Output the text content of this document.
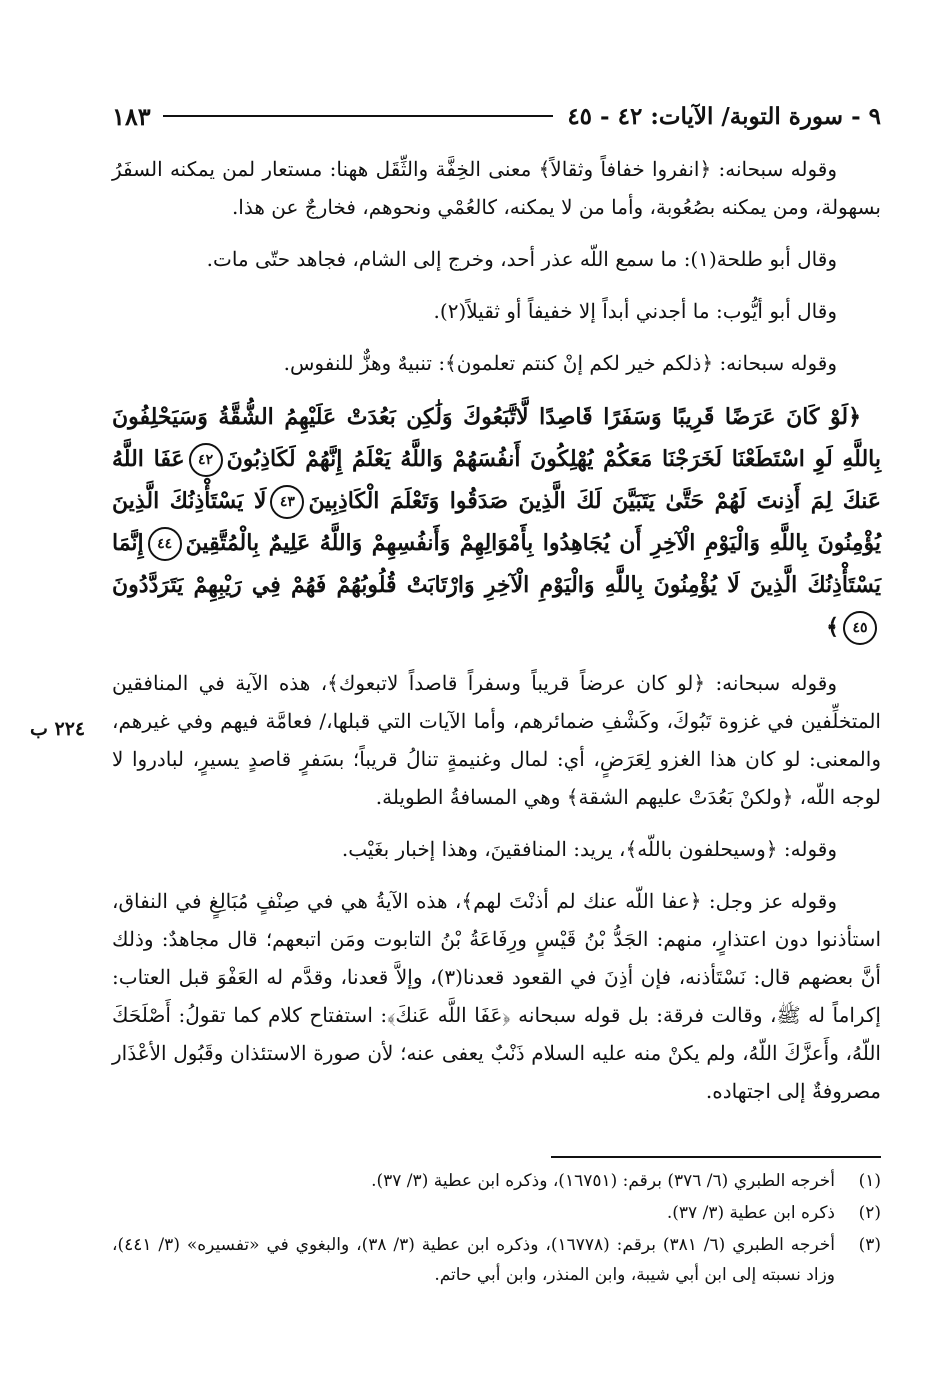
٩ - سورة التوبة/ الآيات: ٤٢ - ٤٥
١٨٣

وقوله سبحانه: ﴿انفروا خفافاً وثقالاً﴾ معنى الخِفَّة والثِّقَل ههنا: مستعار لمن يمكنه السفَرُ بسهولة، ومن يمكنه بصُعُوبة، وأما من لا يمكنه، كالعُمْي ونحوهم، فخارجٌ عن هذا.

وقال أبو طلحة(١): ما سمع اللّه عذر أحد، وخرج إلى الشام، فجاهد حتّى مات.

وقال أبو أيُّوب: ما أجدني أبداً إلا خفيفاً أو ثقيلاً(٢).

وقوله سبحانه: ﴿ذلكم خير لكم إنْ كنتم تعلمون﴾: تنبيهٌ وهزٌّ للنفوس.

﴿لَوْ كَانَ عَرَضًا قَرِيبًا وَسَفَرًا قَاصِدًا لَّاتَّبَعُوكَ وَلَٰكِن بَعُدَتْ عَلَيْهِمُ الشُّقَّةُ وَسَيَحْلِفُونَ بِاللَّهِ لَوِ اسْتَطَعْنَا لَخَرَجْنَا مَعَكُمْ يُهْلِكُونَ أَنفُسَهُمْ وَاللَّهُ يَعْلَمُ إِنَّهُمْ لَكَاذِبُونَ٤٢عَفَا اللَّهُ عَنكَ لِمَ أَذِنتَ لَهُمْ حَتَّىٰ يَتَبَيَّنَ لَكَ الَّذِينَ صَدَقُوا وَتَعْلَمَ الْكَاذِبِينَ٤٣لَا يَسْتَأْذِنُكَ الَّذِينَ يُؤْمِنُونَ بِاللَّهِ وَالْيَوْمِ الْآخِرِ أَن يُجَاهِدُوا بِأَمْوَالِهِمْ وَأَنفُسِهِمْ وَاللَّهُ عَلِيمٌ بِالْمُتَّقِينَ٤٤إِنَّمَا يَسْتَأْذِنُكَ الَّذِينَ لَا يُؤْمِنُونَ بِاللَّهِ وَالْيَوْمِ الْآخِرِ وَارْتَابَتْ قُلُوبُهُمْ فَهُمْ فِي رَيْبِهِمْ يَتَرَدَّدُونَ٤٥﴾

وقوله سبحانه: ﴿لو كان عرضاً قريباً وسفراً قاصداً لاتبعوك﴾، هذه الآية في المنافقين المتخلِّفين في غزوة تَبُوكَ، وكَشْفِ ضمائرهم، وأما الآيات التي قبلها،/ فعامَّة فيهم وفي غيرهم، والمعنى: لو كان هذا الغزو لِعَرَضٍ، أي: لمال وغنيمةٍ تنالُ قريباً؛ بسَفرٍ قاصدٍ يسيرٍ، لبادروا لا لوجه اللّه، ﴿ولكنْ بَعُدَتْ عليهم الشقة﴾ وهي المسافةُ الطويلة.

وقوله: ﴿وسيحلفون باللّه﴾، يريد: المنافقينَ، وهذا إخبار بغَيْب.

وقوله عز وجل: ﴿عفا اللّه عنك لم أذنْتَ لهم﴾، هذه الآيةُ هي في صِنْفٍ مُبَالِغٍ في النفاق، استأذنوا دون اعتذارٍ، منهم: الجَدُّ بْنُ قَيْسٍ ورِفَاعَةُ بْنُ التابوت ومَن اتبعهم؛ قال مجاهدٌ: وذلك أنَّ بعضهم قال: نَسْتَأذنه، فإن أذِنَ في القعود قعدنا(٣)، وإلاَّ قعدنا، وقدَّم له العَفْوَ قبل العتاب: إكراماً له ﷺ، وقالت فرقة: بل قوله سبحانه ﴿عَفَا اللَّه عَنكَ﴾: استفتاح كلام كما تقولُ: أَصْلَحَكَ اللّهُ، وأَعزَّكَ اللّهُ، ولم يكنْ منه عليه السلام ذَنْبٌ يعفى عنه؛ لأن صورة الاستئذان وقَبُول الأعْذَار مصروفةٌ إلى اجتهاده.

٢٢٤ ب
(١)
أخرجه الطبري (٦/ ٣٧٦) برقم: (١٦٧٥١)، وذكره ابن عطية (٣/ ٣٧).
(٢)
ذكره ابن عطية (٣/ ٣٧).
(٣)
أخرجه الطبري (٦/ ٣٨١) برقم: (١٦٧٧٨)، وذكره ابن عطية (٣/ ٣٨)، والبغوي في «تفسيره» (٣/ ٤٤١)، وزاد نسبته إلى ابن أبي شيبة، وابن المنذر، وابن أبي حاتم.
